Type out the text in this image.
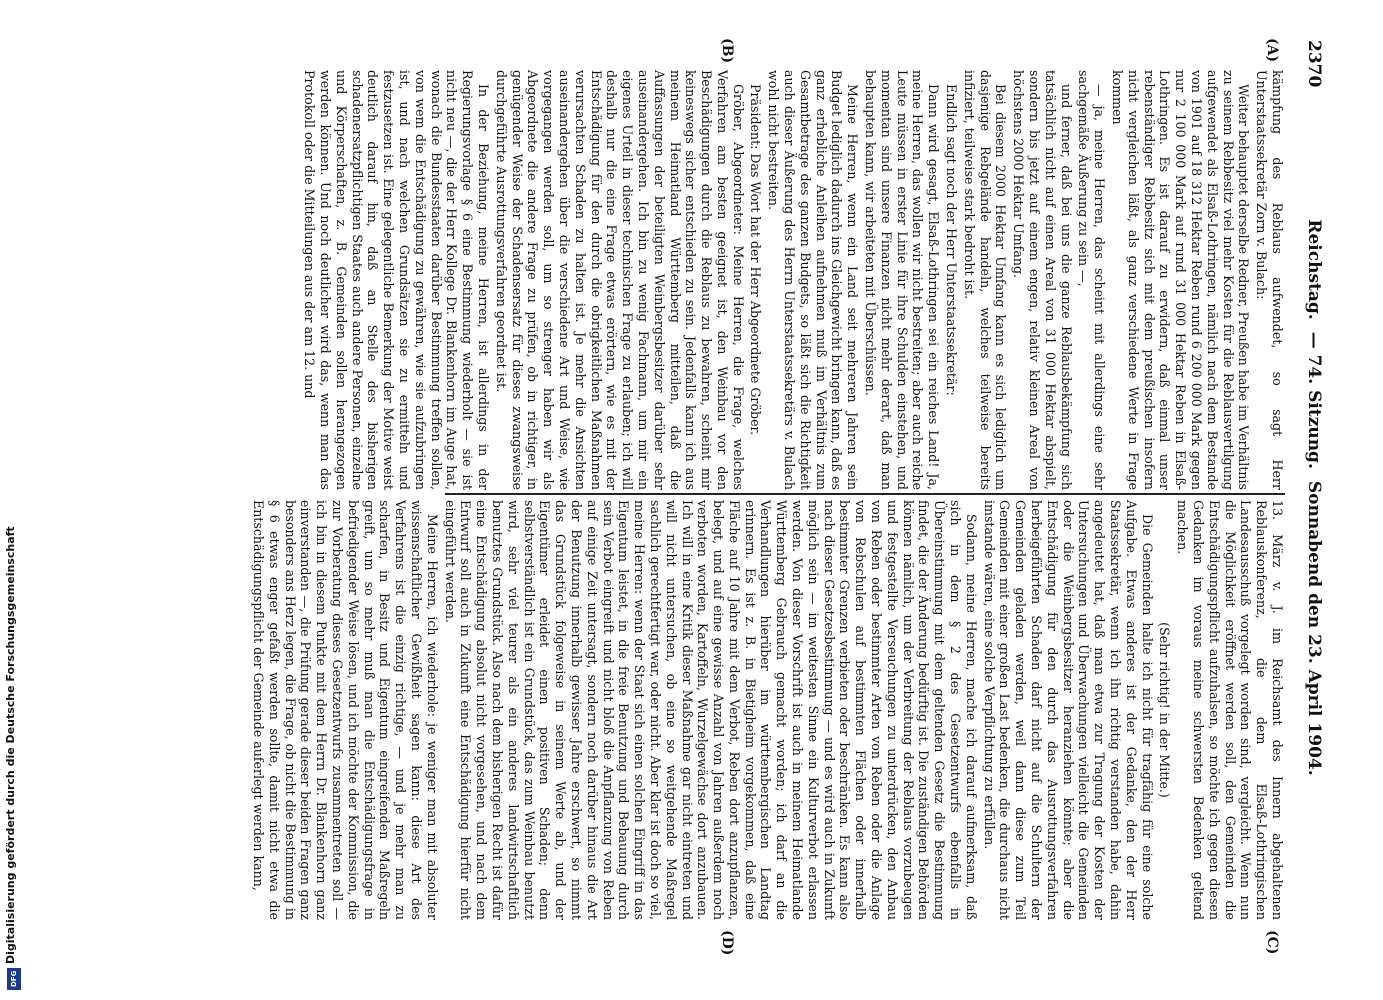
2370
Reichstag.— 74. Sitzung.Sonnabend den 23. April 1904.
(A)
(B)
(C)
(D)

kämpfung des Reblaus aufwendet, so sagt Herr Unterstaatssekretär Zorn v. Bulach:

Weiter behauptet derselbe Redner, Preußen habe im Verhältnis zu seinem Rebbesitz viel mehr Kosten für die Reblausvertilgung aufgewendet als Elsaß-Lothringen, nämlich nach dem Bestande von 1901 auf 18 312 Hektar Reben rund 6 200 000 Mark gegen nur 2 100 000 Mark auf rund 31 000 Hektar Reben in Elsaß-Lothringen. Es ist darauf zu erwidern, daß einmal unser rebenständiger Rebbesitz sich mit dem preußischen insofern nicht vergleichen läßt, als ganz verschiedene Werte in Frage kommen

— ja, meine Herren, das scheint mit allerdings eine sehr sachgemäße Äußerung zu sein —,

und ferner, daß bei uns die ganze Reblausbekämpfung sich tatsächlich nicht auf einen Areal von 31 000 Hektar abspielt, sondern bis jetzt auf einem engen, relativ kleinen Areal von höchstens 2000 Hektar Umfang.

Bei diesem 2000 Hektar Umfang kann es sich lediglich um dasjenige Rebgelände handeln, welches teilweise bereits infiziert, teilweise stark bedroht ist.

Endlich sagt noch der Herr Unterstaatssekretär:

Dann wird gesagt, Elsaß-Lothringen sei ein reiches Land! Ja, meine Herren, das wollen wir nicht bestreiten; aber auch reiche Leute müssen in erster Linie für ihre Schulden einstehen, und momentan sind unsere Finanzen nicht mehr derart, daß man behaupten kann, wir arbeiteten mit Überschüssen.

Meine Herren, wenn ein Land seit mehreren Jahren sein Budget lediglich dadurch ins Gleichgewicht bringen kann, daß es ganz erhebliche Anleihen aufnehmen muß im Verhältnis zum Gesamtbetrage des ganzen Budgets, so läßt sich die Richtigkeit auch dieser Äußerung des Herrn Unterstaatssekretärs v. Bulach wohl nicht bestreiten.

Präsident: Das Wort hat der Herr Abgeordnete Gröber.

Gröber, Abgeordneter: Meine Herren, die Frage, welches Verfahren am besten geeignet ist, den Weinbau vor den Beschädigungen durch die Reblaus zu bewahren, scheint mir keineswegs sicher entschieden zu sein. Jedenfalls kann ich aus meinem Heimatland Württemberg mitteilen, daß die Auffassungen der beteiligten Weinbergsbesitzer darüber sehr auseinandergehen. Ich bin zu wenig Fachmann, um mir ein eigenes Urteil in dieser technischen Frage zu erlauben; ich will deshalb nur die eine Frage etwas erörtern, wie es mit der Entschädigung für den durch die obrigkeitlichen Maßnahmen verursachten Schaden zu halten ist. Je mehr die Ansichten auseinandergehen über die verschiedene Art und Weise, wie vorgegangen werden soll, um so strenger haben wir als Abgeordnete die andere Frage zu prüfen, ob in richtiger, in genügender Weise der Schadensersatz für dieses zwangsweise durchgeführte Ausrottungsverfahren geordnet ist.

In der Beziehung, meine Herren, ist allerdings in der Regierungsvorlage § 6 eine Bestimmung wiederholt — sie ist nicht neu —, die der Herr Kollege Dr. Blankenhorn im Auge hat, wonach die Bundesstaaten darüber Bestimmung treffen sollen, von wem die Entschädigung zu gewähren, wie sie aufzubringen ist, und nach welchen Grundsätzen sie zu ermitteln und festzusetzen ist. Eine gelegentliche Bemerkung der Motive weist deutlich darauf hin, daß an Stelle des bisherigen schadenersatzpflichtigen Staates auch andere Personen, einzelne und Körperschaften, z. B. Gemeinden sollen herangezogen werden können. Und noch deutlicher wird das, wenn man das Protokoll oder die Mitteilungen aus der am 12. und

13. März v. J. im Reichsamt des Innern abgehaltenen Reblauskonferenz, die dem Elsaß-Lothringischen Landesausschuß vorgelegt worden sind, vergleicht. Wenn nun die Möglichkeit eröffnet werden soll, den Gemeinden die Entschädigungspflicht aufzuhalsen, so möchte ich gegen diesen Gedanken im voraus meine schwersten Bedenken geltend machen.

(Sehr richtig! in der Mitte.)

Die Gemeinden halte ich nicht für tragfähig für eine solche Aufgabe. Etwas anderes ist der Gedanke, den der Herr Staatssekretär, wenn ich ihn richtig verstanden habe, dahin angedeutet hat, daß man etwa zur Tragung der Kosten der Untersuchungen und Überwachungen vielleicht die Gemeinden oder die Weinbergsbesitzer heranziehen könnte; aber die Entschädigung für den durch das Ausrottungsverfahren herbeigeführten Schaden darf nicht auf die Schultern der Gemeinden geladen werden, weil dann diese zum Teil Gemeinden mit einer großen Last bedenken, die durchaus nicht imstande wären, eine solche Verpflichtung zu erfüllen.

Sodann, meine Herren, mache ich darauf aufmerksam, daß sich in dem § 2 des Gesetzentwurfs ebenfalls in Übereinstimmung mit dem geltenden Gesetz die Bestimmung findet, die der Änderung bedürftig ist. Die zuständigen Behörden können nämlich, um der Verbreitung der Reblaus vorzubeugen und festgestellte Verseuchungen zu unterdrücken, den Anbau von Reben oder bestimmter Arten von Reben oder die Anlage von Rebschulen auf bestimmten Flächen oder innerhalb bestimmter Grenzen verbieten oder beschränken. Es kann also nach dieser Gesetzesbestimmung — und es wird auch in Zukunft möglich sein — im weitesten Sinne ein Kulturverbot erlassen werden. Von dieser Vorschrift ist auch in meinem Heimatlande Württemberg Gebrauch gemacht worden; ich darf an die Verhandlungen hierüber im württembergischen Landtag erinnern. Es ist z. B. in Bietigheim vorgekommen, daß eine Fläche auf 10 Jahre mit dem Verbot, Reben dort anzupflanzen, belegt, und auf eine gewisse Anzahl von Jahren außerdem noch verboten worden, Kartoffeln, Wurzelgewächse dort anzubauen. Ich will in eine Kritik dieser Maßnahme gar nicht eintreten und will nicht untersuchen, ob eine so weitgehende Maßregel sachlich gerechtfertigt war, oder nicht. Aber klar ist doch so viel, meine Herren: wenn der Staat sich einen solchen Eingriff in das Eigentum leistet, in die freie Benutzung und Bebauung durch sein Verbot eingreift und nicht bloß die Anpflanzung von Reben auf einige Zeit untersagt, sondern noch darüber hinaus die Art der Benutzung innerhalb gewisser Jahre erschwert, so nimmt das Grundstück folgeweise in seinem Werte ab, und der Eigentümer erleidet einen positiven Schaden; denn selbstverständlich ist ein Grundstück, das zum Weinbau benutzt wird, sehr viel teurer als ein anderes landwirtschaftlich benutztes Grundstück. Also nach dem bisherigen Recht ist dafür eine Entschädigung absolut nicht vorgesehen, und nach dem Entwurf soll auch in Zukunft eine Entschädigung hierfür nicht eingeführt werden.

Meine Herren, ich wiederhole: je weniger man mit absoluter wissenschaftlicher Gewißheit sagen kann: diese Art des Verfahrens ist die einzig richtige, — und je mehr man zu scharfen, in Besitz und Eigentum eingreifenden Maßregeln greift, um so mehr muß man die Entschädigungsfrage in befriedigender Weise lösen, und ich möchte der Kommission, die zur Vorberatung dieses Gesetzentwurfs zusammentreten soll — ich bin in diesem Punkte mit dem Herrn Dr. Blankenhorn ganz einverstanden —, die Prüfung gerade dieser beiden Fragen ganz besonders ans Herz legen, die Frage, ob nicht die Bestimmung in § 6 etwas enger gefaßt werden sollte, damit nicht etwa die Entschädigungspflicht der Gemeinde auferlegt werden kann,

Digitalisierung gefördert durch die Deutsche Forschungsgemeinschaft
DFG
